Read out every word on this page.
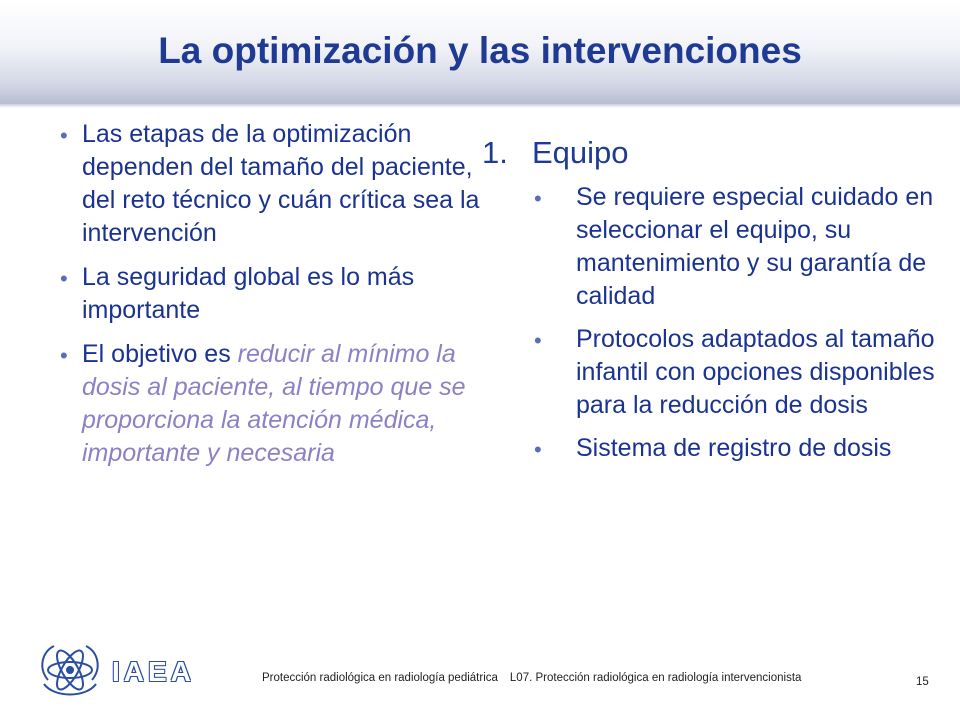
La optimización y las intervenciones
• Las etapas de la optimización dependen del tamaño del paciente, del reto técnico y cuán crítica sea la intervención
• La seguridad global es lo más importante
• El objetivo es reducir al mínimo la dosis al paciente, al tiempo que se proporciona la atención médica, importante y necesaria
1. Equipo
• Se requiere especial cuidado en seleccionar el equipo, su mantenimiento y su garantía de calidad
• Protocolos adaptados al tamaño infantil con opciones disponibles para la reducción de dosis
• Sistema de registro de dosis
IAEA	Protección radiológica en radiología pediátrica L07. Protección radiológica en radiología intervencionista	15
